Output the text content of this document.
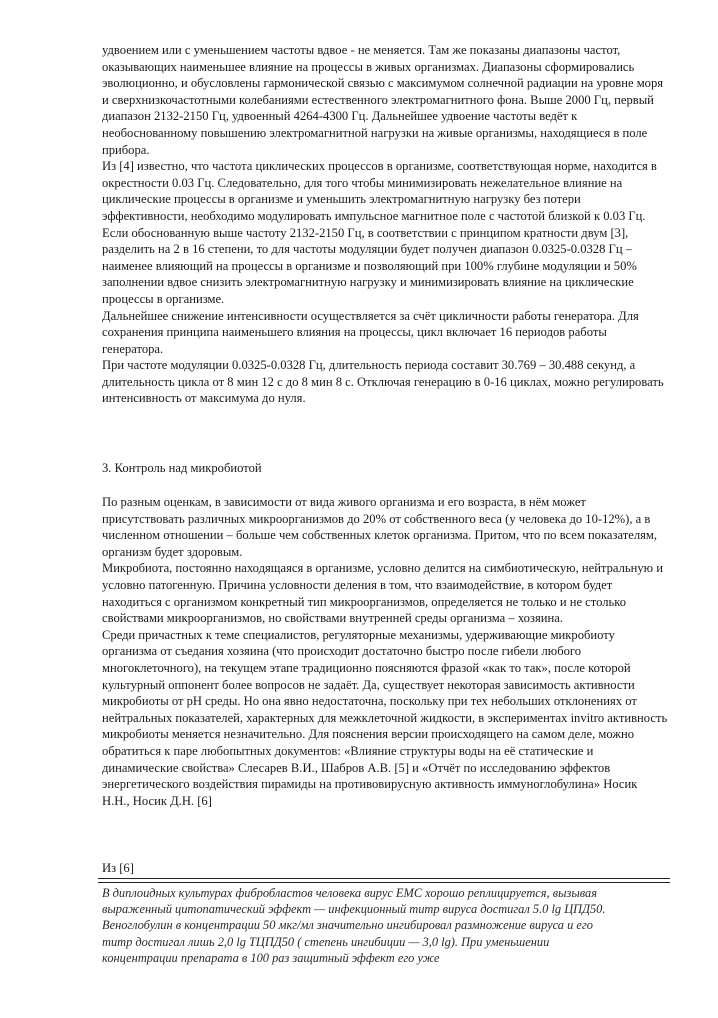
удвоением или с уменьшением частоты вдвое - не меняется. Там же показаны диапазоны частот, оказывающих наименьшее влияние на процессы в живых организмах. Диапазоны сформировались эволюционно, и обусловлены гармонической связью с максимумом солнечной радиации на уровне моря и сверхнизкочастотными колебаниями естественного электромагнитного фона. Выше 2000 Гц, первый диапазон 2132-2150 Гц, удвоенный 4264-4300 Гц. Дальнейшее удвоение частоты ведёт к необоснованному повышению электромагнитной нагрузки на живые организмы, находящиеся в поле прибора.

Из [4] известно, что частота циклических процессов в организме, соответствующая норме, находится в окрестности 0.03 Гц. Следовательно, для того чтобы минимизировать нежелательное влияние на циклические процессы в организме и уменьшить электромагнитную нагрузку без потери эффективности, необходимо модулировать импульсное магнитное поле с частотой близкой к 0.03 Гц. Если обоснованную выше частоту 2132-2150 Гц, в соответствии с принципом кратности двум [3], разделить на 2 в 16 степени, то для частоты модуляции будет получен диапазон 0.0325-0.0328 Гц – наименее влияющий на процессы в организме и позволяющий при 100% глубине модуляции и 50% заполнении вдвое снизить электромагнитную нагрузку и минимизировать влияние на циклические процессы в организме.

Дальнейшее снижение интенсивности осуществляется за счёт цикличности работы генератора. Для сохранения принципа наименьшего влияния на процессы, цикл включает 16 периодов работы генератора.

При частоте модуляции 0.0325-0.0328 Гц, длительность периода составит 30.769 – 30.488 секунд, а длительность цикла от 8 мин 12 с до 8 мин 8 с. Отключая генерацию в 0-16 циклах, можно регулировать интенсивность от максимума до нуля.

3. Контроль над микробиотой

По разным оценкам, в зависимости от вида живого организма и его возраста, в нём может присутствовать различных микроорганизмов до 20% от собственного веса (у человека до 10-12%), а в численном отношении – больше чем собственных клеток организма. Притом, что по всем показателям, организм будет здоровым.

Микробиота, постоянно находящаяся в организме, условно делится на симбиотическую, нейтральную и условно патогенную. Причина условности деления в том, что взаимодействие, в котором будет находиться с организмом конкретный тип микроорганизмов, определяется не только и не столько свойствами микроорганизмов, но свойствами внутренней среды организма – хозяина.

Среди причастных к теме специалистов, регуляторные механизмы, удерживающие микробиоту организма от съедания хозяина (что происходит достаточно быстро после гибели любого многоклеточного), на текущем этапе традиционно поясняются фразой «как то так», после которой культурный оппонент более вопросов не задаёт. Да, существует некоторая зависимость активности микробиоты от pH среды. Но она явно недостаточна, поскольку при тех небольших отклонениях от нейтральных показателей, характерных для межклеточной жидкости, в экспериментах invitro активность микробиоты меняется незначительно. Для пояснения версии происходящего на самом деле, можно обратиться к паре любопытных документов: «Влияние структуры воды на её статические и динамические свойства» Слесарев В.И., Шабров А.В. [5] и «Отчёт по исследованию эффектов энергетического воздействия пирамиды на противовирусную активность иммуноглобулина» Носик Н.Н., Носик Д.Н. [6]

Из [6]
В диплоидных культурах фибробластов человека вирус ЕМС хорошо реплицируется, вызывая выраженный цитопатический эффект — инфекционный титр вируса достигал 5.0 lg ЦПД50. Веноглобулин в концентрации 50 мкг/мл значительно ингибировал размножение вируса и его титр достигал лишь 2,0 lg ТЦПД50 ( степень ингибиции — 3,0 lg). При уменьшении концентрации препарата в 100 раз защитный эффект его уже
